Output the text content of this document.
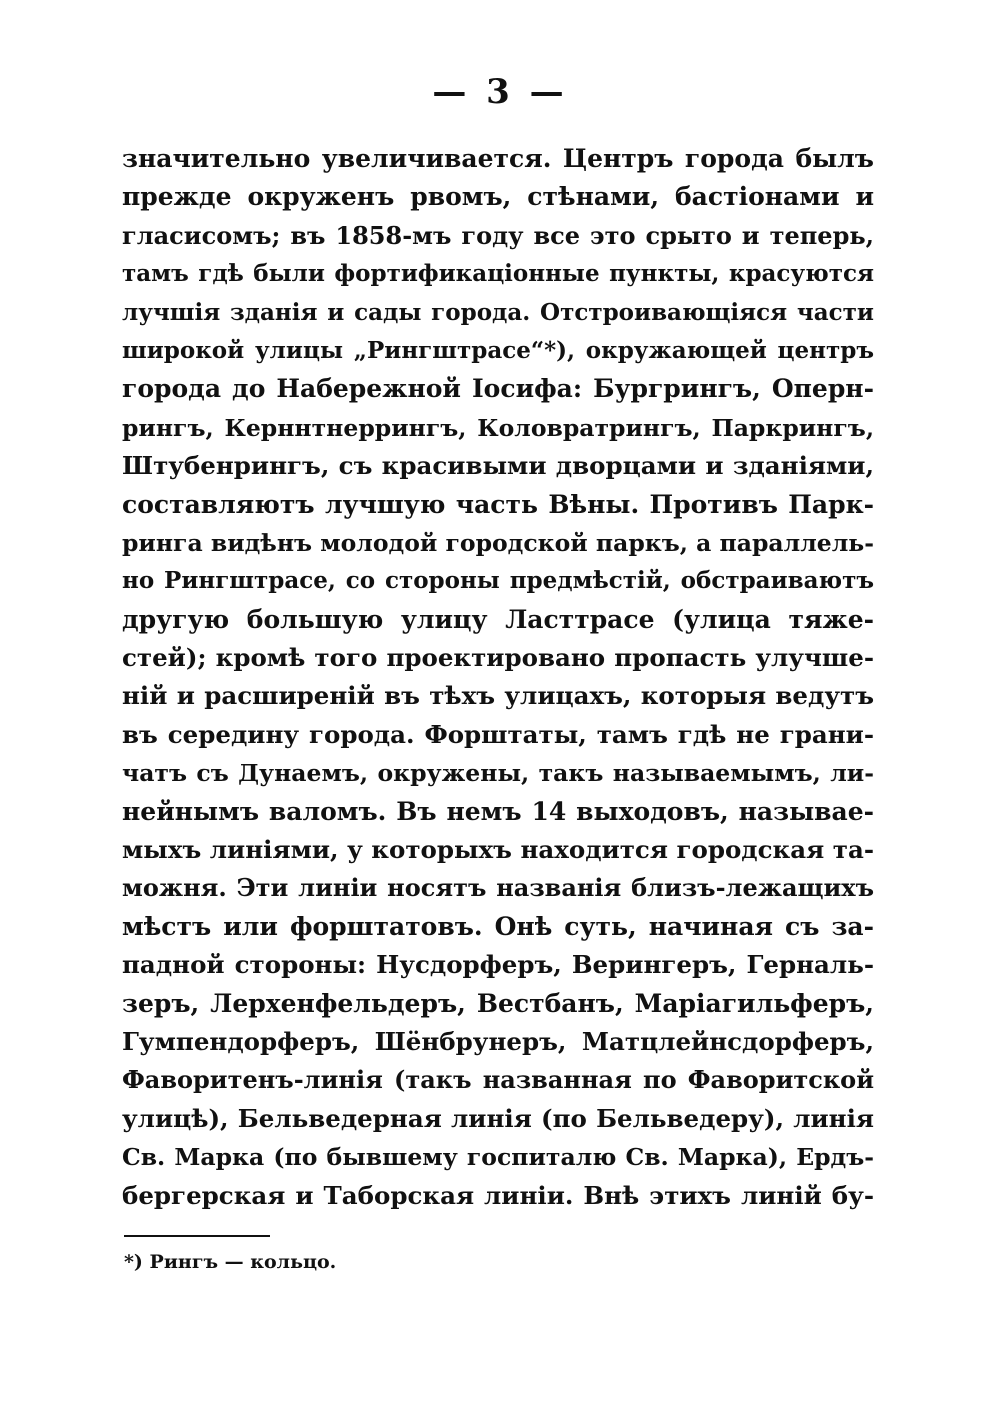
— 3 —
значительно увеличивается. Центръ города былъ
прежде окруженъ рвомъ, стѣнами, бастіонами и
гласисомъ; въ 1858-мъ году все это срыто и теперь,
тамъ гдѣ были фортификаціонные пункты, красуются
лучшія зданія и сады города. Отстроивающіяся части
широкой улицы „Рингштрасе“*), окружающей центръ
города до Набережной Іосифа: Бургрингъ, Оперн-
рингъ, Керннтнеррингъ, Коловратрингъ, Паркрингъ,
Штубенрингъ, съ красивыми дворцами и зданіями,
составляютъ лучшую часть Вѣны. Противъ Парк-
ринга видѣнъ молодой городской паркъ, а параллель-
но Рингштрасе, со стороны предмѣстій, обстраиваютъ
другую большую улицу Ласттрасе (улица тяже-
стей); кромѣ того проектировано пропасть улучше-
ній и расширеній въ тѣхъ улицахъ, которыя ведутъ
въ середину города. Форштаты, тамъ гдѣ не грани-
чатъ съ Дунаемъ, окружены, такъ называемымъ, ли-
нейнымъ валомъ. Въ немъ 14 выходовъ, называе-
мыхъ линіями, у которыхъ находится городская та-
можня. Эти линіи носятъ названія близъ-лежащихъ
мѣстъ или форштатовъ. Онѣ суть, начиная съ за-
падной стороны: Нусдорферъ, Верингеръ, Герналь-
зеръ, Лерхенфельдеръ, Вестбанъ, Маріагильферъ,
Гумпендорферъ, Шёнбрунеръ, Матцлейнсдорферъ,
Фаворитенъ-линія (такъ названная по Фаворитской
улицѣ), Бельведерная линія (по Бельведеру), линія
Св. Марка (по бывшему госпиталю Св. Марка), Ердъ-
бергерская и Таборская линіи. Внѣ этихъ линій бу-
*) Рингъ — кольцо.
